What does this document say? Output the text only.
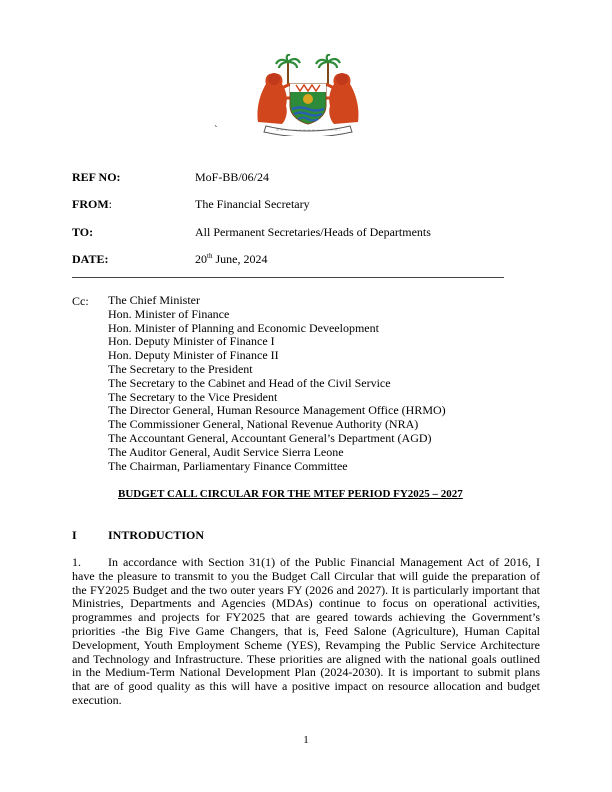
`
REF NO:	MoF-BB/06/24
FROM:	The Financial Secretary
TO:	All Permanent Secretaries/Heads of Departments
DATE:	20th June, 2024
Cc: The Chief Minister
Hon. Minister of Finance
Hon. Minister of Planning and Economic Deveelopment
Hon. Deputy Minister of Finance I
Hon. Deputy Minister of Finance II
The Secretary to the President
The Secretary to the Cabinet and Head of the Civil Service
The Secretary to the Vice President
The Director General, Human Resource Management Office (HRMO)
The Commissioner General, National Revenue Authority (NRA)
The Accountant General, Accountant General’s Department (AGD)
The Auditor General, Audit Service Sierra Leone
The Chairman, Parliamentary Finance Committee
BUDGET CALL CIRCULAR FOR THE MTEF PERIOD FY2025 – 2027
I	INTRODUCTION
1. In accordance with Section 31(1) of the Public Financial Management Act of 2016, I have the pleasure to transmit to you the Budget Call Circular that will guide the preparation of the FY2025 Budget and the two outer years FY (2026 and 2027). It is particularly important that Ministries, Departments and Agencies (MDAs) continue to focus on operational activities, programmes and projects for FY2025 that are geared towards achieving the Government’s priorities -the Big Five Game Changers, that is, Feed Salone (Agriculture), Human Capital Development, Youth Employment Scheme (YES), Revamping the Public Service Architecture and Technology and Infrastructure. These priorities are aligned with the national goals outlined in the Medium-Term National Development Plan (2024-2030). It is important to submit plans that are of good quality as this will have a positive impact on resource allocation and budget execution.
1
